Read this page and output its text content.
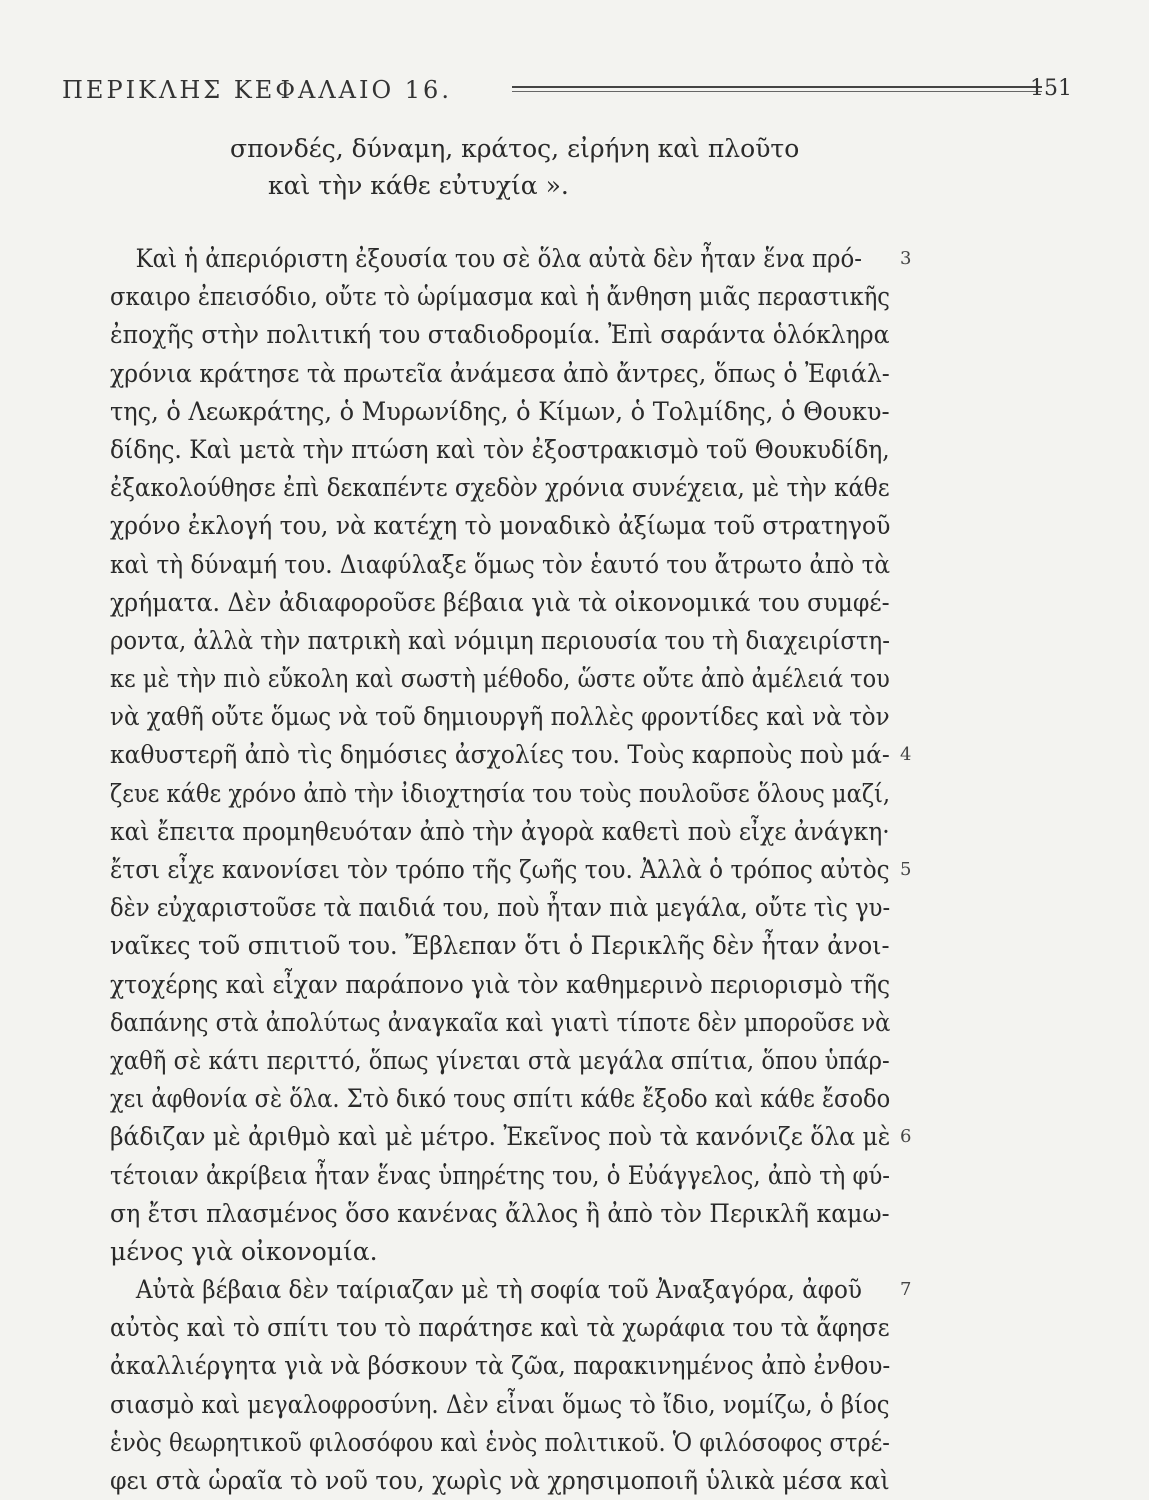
ΠΕΡΙΚΛΗΣ ΚΕΦΑΛΑΙΟ 16.	151
σπονδές, δύναμη, κράτος, εἰρήνη καὶ πλοῦτο
καὶ τὴν κάθε εὐτυχία ».
Καὶ ἡ ἀπεριόριστη ἐξουσία του σὲ ὅλα αὐτὰ δὲν ἦταν ἕνα πρό- 3
σκαιρο ἐπεισόδιο, οὔτε τὸ ὡρίμασμα καὶ ἡ ἄνθηση μιᾶς περαστικῆς
ἐποχῆς στὴν πολιτική του σταδιοδρομία. Ἐπὶ σαράντα ὁλόκληρα
χρόνια κράτησε τὰ πρωτεῖα ἀνάμεσα ἀπὸ ἄντρες, ὅπως ὁ Ἐφιάλ-
της, ὁ Λεωκράτης, ὁ Μυρωνίδης, ὁ Κίμων, ὁ Τολμίδης, ὁ Θουκυ-
δίδης. Καὶ μετὰ τὴν πτώση καὶ τὸν ἐξοστρακισμὸ τοῦ Θουκυδίδη,
ἐξακολούθησε ἐπὶ δεκαπέντε σχεδὸν χρόνια συνέχεια, μὲ τὴν κάθε
χρόνο ἐκλογή του, νὰ κατέχη τὸ μοναδικὸ ἀξίωμα τοῦ στρατηγοῦ
καὶ τὴ δύναμή του. Διαφύλαξε ὅμως τὸν ἑαυτό του ἄτρωτο ἀπὸ τὰ
χρήματα. Δὲν ἀδιαφοροῦσε βέβαια γιὰ τὰ οἰκονομικά του συμφέ-
ροντα, ἀλλὰ τὴν πατρικὴ καὶ νόμιμη περιουσία του τὴ διαχειρίστη-
κε μὲ τὴν πιὸ εὔκολη καὶ σωστὴ μέθοδο, ὥστε οὔτε ἀπὸ ἀμέλειά του
νὰ χαθῆ οὔτε ὅμως νὰ τοῦ δημιουργῆ πολλὲς φροντίδες καὶ νὰ τὸν
καθυστερῆ ἀπὸ τὶς δημόσιες ἀσχολίες του. Τοὺς καρποὺς ποὺ μά- 4
ζευε κάθε χρόνο ἀπὸ τὴν ἰδιοχτησία του τοὺς πουλοῦσε ὅλους μαζί,
καὶ ἔπειτα προμηθευόταν ἀπὸ τὴν ἀγορὰ καθετὶ ποὺ εἶχε ἀνάγκη·
ἔτσι εἶχε κανονίσει τὸν τρόπο τῆς ζωῆς του. Ἀλλὰ ὁ τρόπος αὐτὸς 5
δὲν εὐχαριστοῦσε τὰ παιδιά του, ποὺ ἦταν πιὰ μεγάλα, οὔτε τὶς γυ-
ναῖκες τοῦ σπιτιοῦ του. Ἔβλεπαν ὅτι ὁ Περικλῆς δὲν ἦταν ἀνοι-
χτοχέρης καὶ εἶχαν παράπονο γιὰ τὸν καθημερινὸ περιορισμὸ τῆς
δαπάνης στὰ ἀπολύτως ἀναγκαῖα καὶ γιατὶ τίποτε δὲν μποροῦσε νὰ
χαθῆ σὲ κάτι περιττό, ὅπως γίνεται στὰ μεγάλα σπίτια, ὅπου ὑπάρ-
χει ἀφθονία σὲ ὅλα. Στὸ δικό τους σπίτι κάθε ἔξοδο καὶ κάθε ἔσοδο
βάδιζαν μὲ ἀριθμὸ καὶ μὲ μέτρο. Ἐκεῖνος ποὺ τὰ κανόνιζε ὅλα μὲ 6
τέτοιαν ἀκρίβεια ἦταν ἕνας ὑπηρέτης του, ὁ Εὐάγγελος, ἀπὸ τὴ φύ-
ση ἔτσι πλασμένος ὅσο κανένας ἄλλος ἢ ἀπὸ τὸν Περικλῆ καμω-
μένος γιὰ οἰκονομία.
Αὐτὰ βέβαια δὲν ταίριαζαν μὲ τὴ σοφία τοῦ Ἀναξαγόρα, ἀφοῦ 7
αὐτὸς καὶ τὸ σπίτι του τὸ παράτησε καὶ τὰ χωράφια του τὰ ἄφησε
ἀκαλλιέργητα γιὰ νὰ βόσκουν τὰ ζῶα, παρακινημένος ἀπὸ ἐνθου-
σιασμὸ καὶ μεγαλοφροσύνη. Δὲν εἶναι ὅμως τὸ ἴδιο, νομίζω, ὁ βίος
ἑνὸς θεωρητικοῦ φιλοσόφου καὶ ἑνὸς πολιτικοῦ. Ὁ φιλόσοφος στρέ-
φει στὰ ὡραῖα τὸ νοῦ του, χωρὶς νὰ χρησιμοποιῆ ὑλικὰ μέσα καὶ
